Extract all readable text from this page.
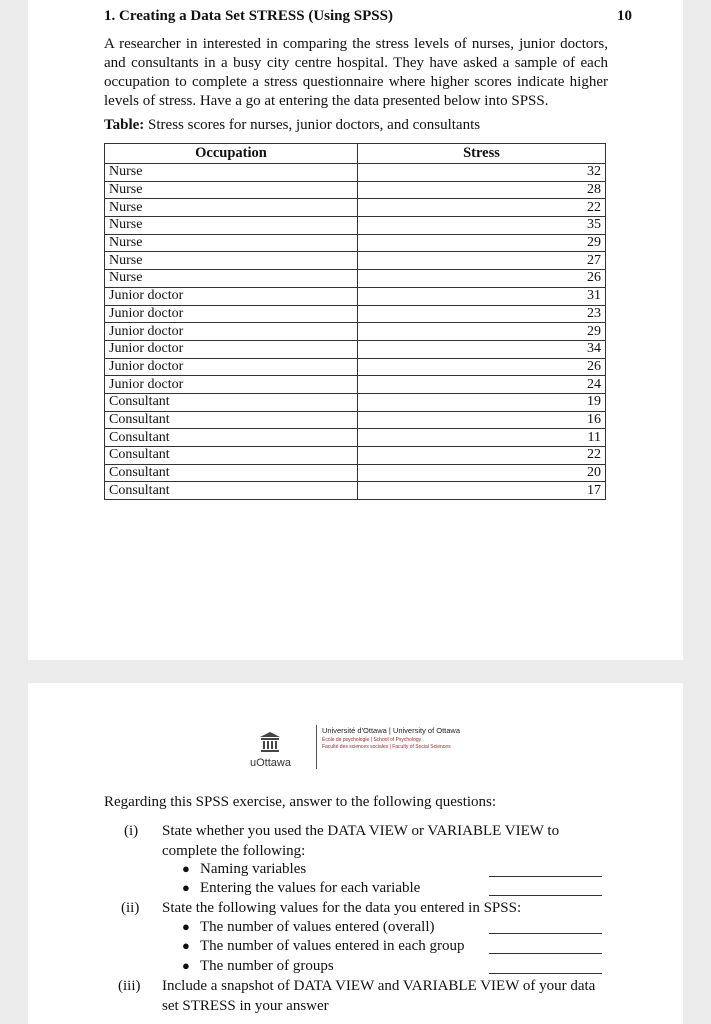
1. Creating a Data Set STRESS (Using SPSS)	10
A researcher in interested in comparing the stress levels of nurses, junior doctors, and consultants in a busy city centre hospital. They have asked a sample of each occupation to complete a stress questionnaire where higher scores indicate higher levels of stress. Have a go at entering the data presented below into SPSS.
Table: Stress scores for nurses, junior doctors, and consultants
Occupation	Stress
Nurse	32
Nurse	28
Nurse	22
Nurse	35
Nurse	29
Nurse	27
Nurse	26
Junior doctor	31
Junior doctor	23
Junior doctor	29
Junior doctor	34
Junior doctor	26
Junior doctor	24
Consultant	19
Consultant	16
Consultant	11
Consultant	22
Consultant	20
Consultant	17
uOttawa
Université d'Ottawa | University of Ottawa
École de psychologie | School of Psychology
Faculté des sciences sociales | Faculty of Social Sciences
Regarding this SPSS exercise, answer to the following questions:
(i) State whether you used the DATA VIEW or VARIABLE VIEW to complete the following:
● Naming variables
● Entering the values for each variable
(ii) State the following values for the data you entered in SPSS:
● The number of values entered (overall)
● The number of values entered in each group
● The number of groups
(iii) Include a snapshot of DATA VIEW and VARIABLE VIEW of your data set STRESS in your answer
